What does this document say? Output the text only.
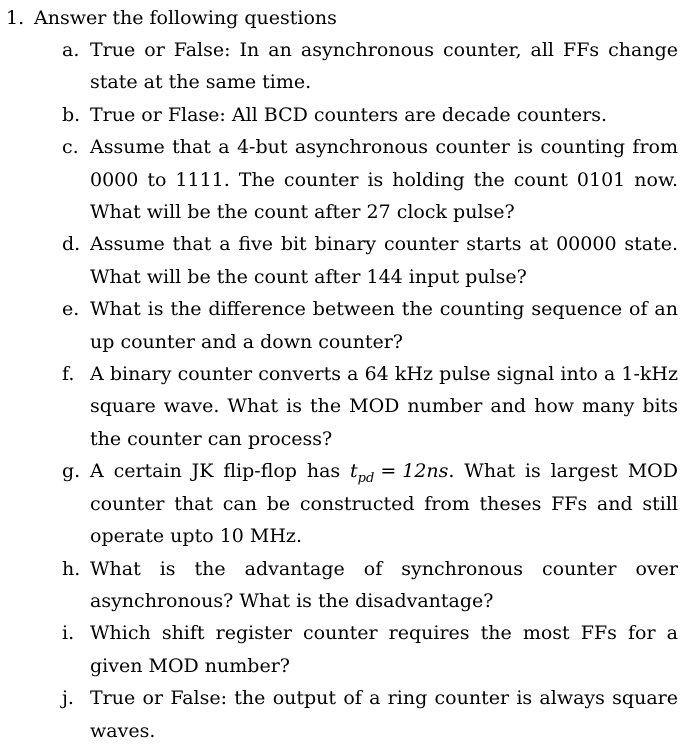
1. Answer the following questions
a. True or False: In an asynchronous counter, all FFs change state at the same time.
b. True or Flase: All BCD counters are decade counters.
c. Assume that a 4-but asynchronous counter is counting from 0000 to 1111. The counter is holding the count 0101 now. What will be the count after 27 clock pulse?
d. Assume that a five bit binary counter starts at 00000 state. What will be the count after 144 input pulse?
e. What is the difference between the counting sequence of an up counter and a down counter?
f. A binary counter converts a 64 kHz pulse signal into a 1-kHz square wave. What is the MOD number and how many bits the counter can process?
g. A certain JK flip-flop has $t_{pd} = 12ns$. What is largest MOD counter that can be constructed from theses FFs and still operate upto 10 MHz.
h. What is the advantage of synchronous counter over asynchronous? What is the disadvantage?
i. Which shift register counter requires the most FFs for a given MOD number?
j. True or False: the output of a ring counter is always square waves.
